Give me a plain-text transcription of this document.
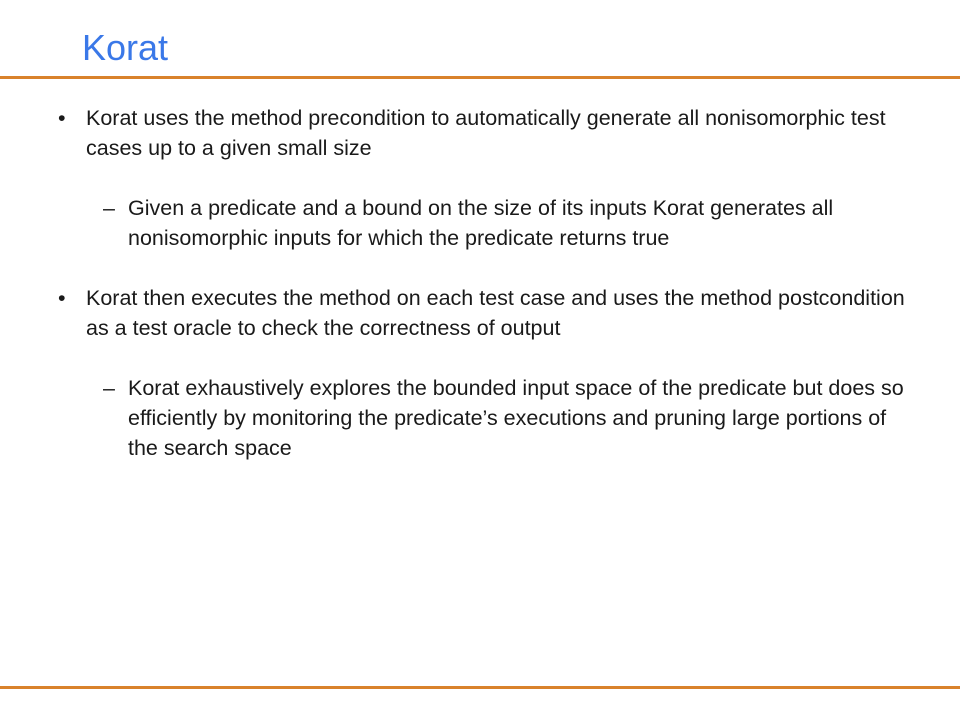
Korat
• Korat uses the method precondition to automatically generate all nonisomorphic test cases up to a given small size
– Given a predicate and a bound on the size of its inputs Korat generates all nonisomorphic inputs for which the predicate returns true
• Korat then executes the method on each test case and uses the method postcondition as a test oracle to check the correctness of output
– Korat exhaustively explores the bounded input space of the predicate but does so efficiently by monitoring the predicate’s executions and pruning large portions of the search space
